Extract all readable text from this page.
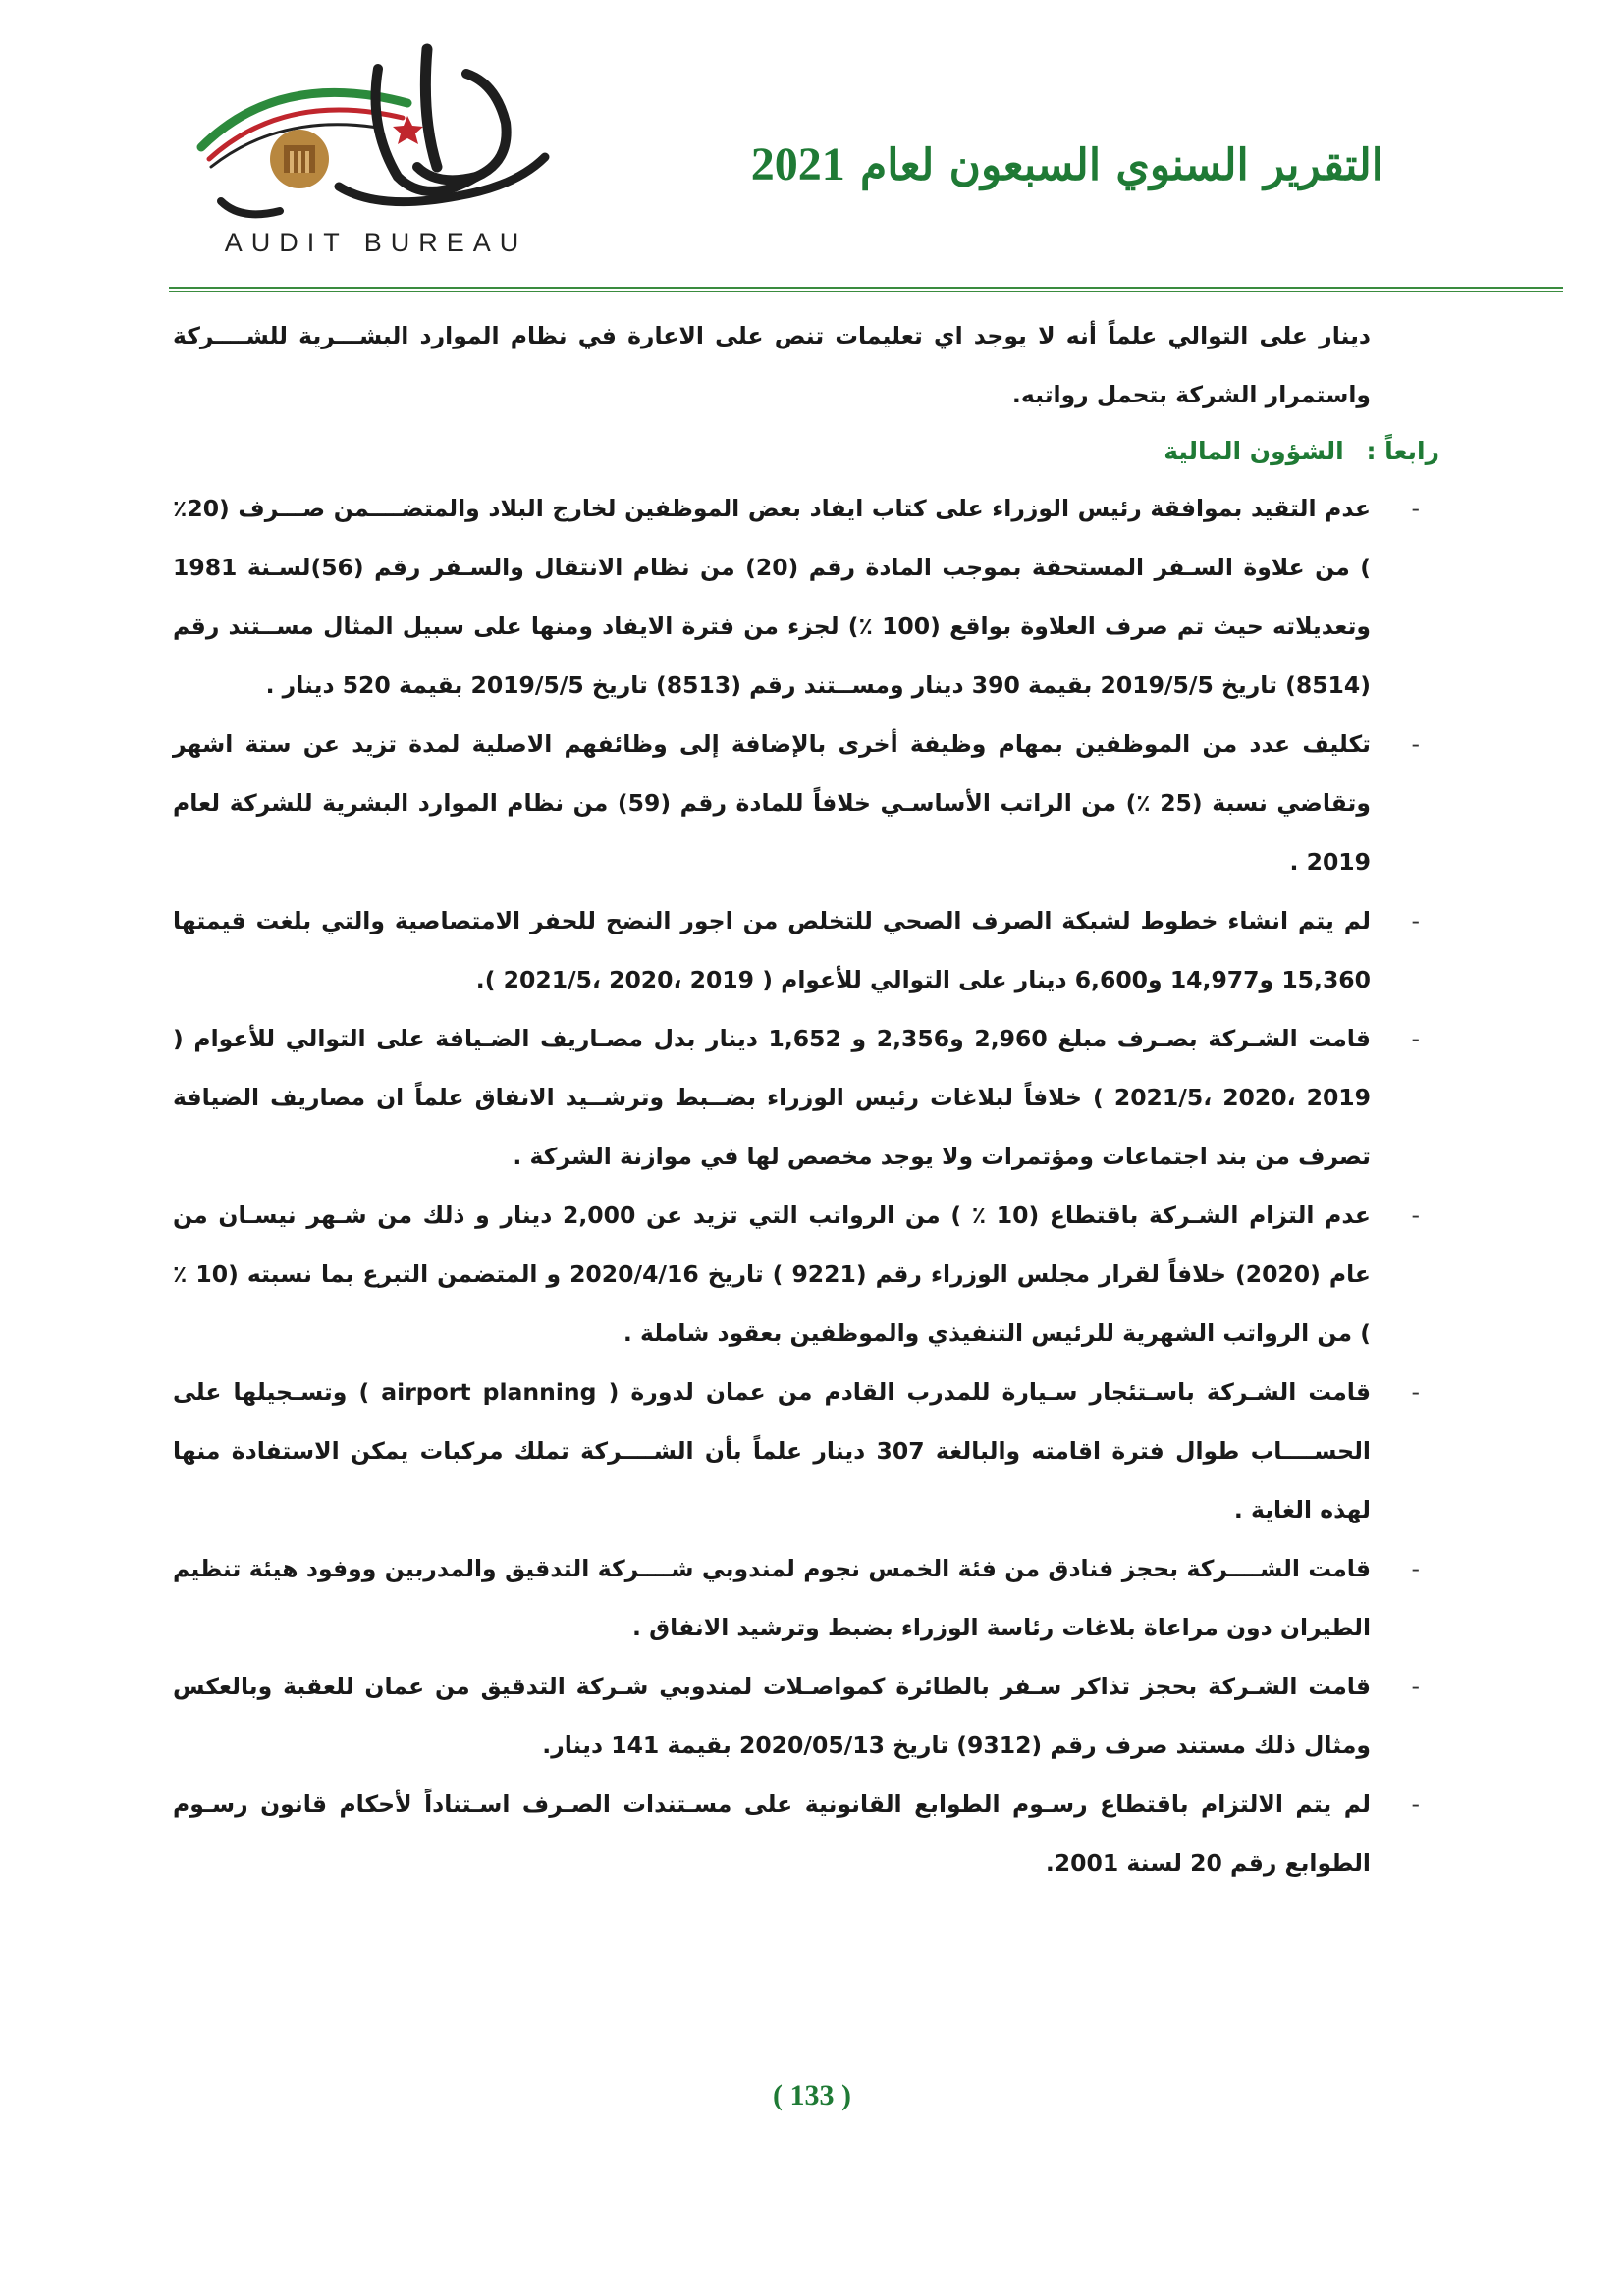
التقرير السنوي السبعون لعام 2021
ديوان المحاسبة
AUDIT BUREAU

دينار على التوالي علماً أنه لا يوجد اي تعليمات تنص على الاعارة في نظام الموارد البشـــرية للشــــركة واستمرار الشركة بتحمل رواتبه.

رابعاً : الشؤون المالية
-
عدم التقيد بموافقة رئيس الوزراء على كتاب ايفاد بعض الموظفين لخارج البلاد والمتضــــمن صـــرف (20٪ ) من علاوة السـفر المستحقة بموجب المادة رقم (20) من نظام الانتقال والسـفر رقم (56)لسـنة 1981 وتعديلاته حيث تم صرف العلاوة بواقع (100 ٪) لجزء من فترة الايفاد ومنها على سبيل المثال مســتند رقم (8514) تاريخ 2019/5/5 بقيمة 390 دينار ومســتند رقم (8513) تاريخ 2019/5/5 بقيمة 520 دينار .
-
تكليف عدد من الموظفين بمهام وظيفة أخرى بالإضافة إلى وظائفهم الاصلية لمدة تزيد عن ستة اشهر وتقاضي نسبة (25 ٪) من الراتب الأساسـي خلافاً للمادة رقم (59) من نظام الموارد البشرية للشركة لعام 2019 .
-
لم يتم انشاء خطوط لشبكة الصرف الصحي للتخلص من اجور النضح للحفر الامتصاصية والتي بلغت قيمتها 15,360 و14,977 و6,600 دينار على التوالي للأعوام ( 2019 ،2020 ،2021/5 ).
-
قامت الشـركة بصـرف مبلغ 2,960 و2,356 و 1,652 دينار بدل مصـاريف الضـيافة على التوالي للأعوام ( 2019 ،2020 ،2021/5 ) خلافاً لبلاغات رئيس الوزراء بضــبط وترشــيد الانفاق علماً ان مصاريف الضيافة تصرف من بند اجتماعات ومؤتمرات ولا يوجد مخصص لها في موازنة الشركة .
-
عدم التزام الشـركة باقتطاع (10 ٪ ) من الرواتب التي تزيد عن 2,000 دينار و ذلك من شـهر نيسـان من عام (2020) خلافاً لقرار مجلس الوزراء رقم (9221 ) تاريخ 2020/4/16 و المتضمن التبرع بما نسبته (10 ٪ ) من الرواتب الشهرية للرئيس التنفيذي والموظفين بعقود شاملة .
-
قامت الشـركة باسـتئجار سـيارة للمدرب القادم من عمان لدورة ( airport planning ) وتسـجيلها على الحســــاب طوال فترة اقامته والبالغة 307 دينار علماً بأن الشــــركة تملك مركبات يمكن الاستفادة منها لهذه الغاية .
-
قامت الشــــركة بحجز فنادق من فئة الخمس نجوم لمندوبي شــــركة التدقيق والمدربين ووفود هيئة تنظيم الطيران دون مراعاة بلاغات رئاسة الوزراء بضبط وترشيد الانفاق .
-
قامت الشـركة بحجز تذاكر سـفر بالطائرة كمواصـلات لمندوبي شـركة التدقيق من عمان للعقبة وبالعكس ومثال ذلك مستند صرف رقم (9312) تاريخ 2020/05/13 بقيمة 141 دينار.
-
لم يتم الالتزام باقتطاع رسـوم الطوابع القانونية على مسـتندات الصـرف اسـتناداً لأحكام قانون رسـوم الطوابع رقم 20 لسنة 2001.
( 133 )
